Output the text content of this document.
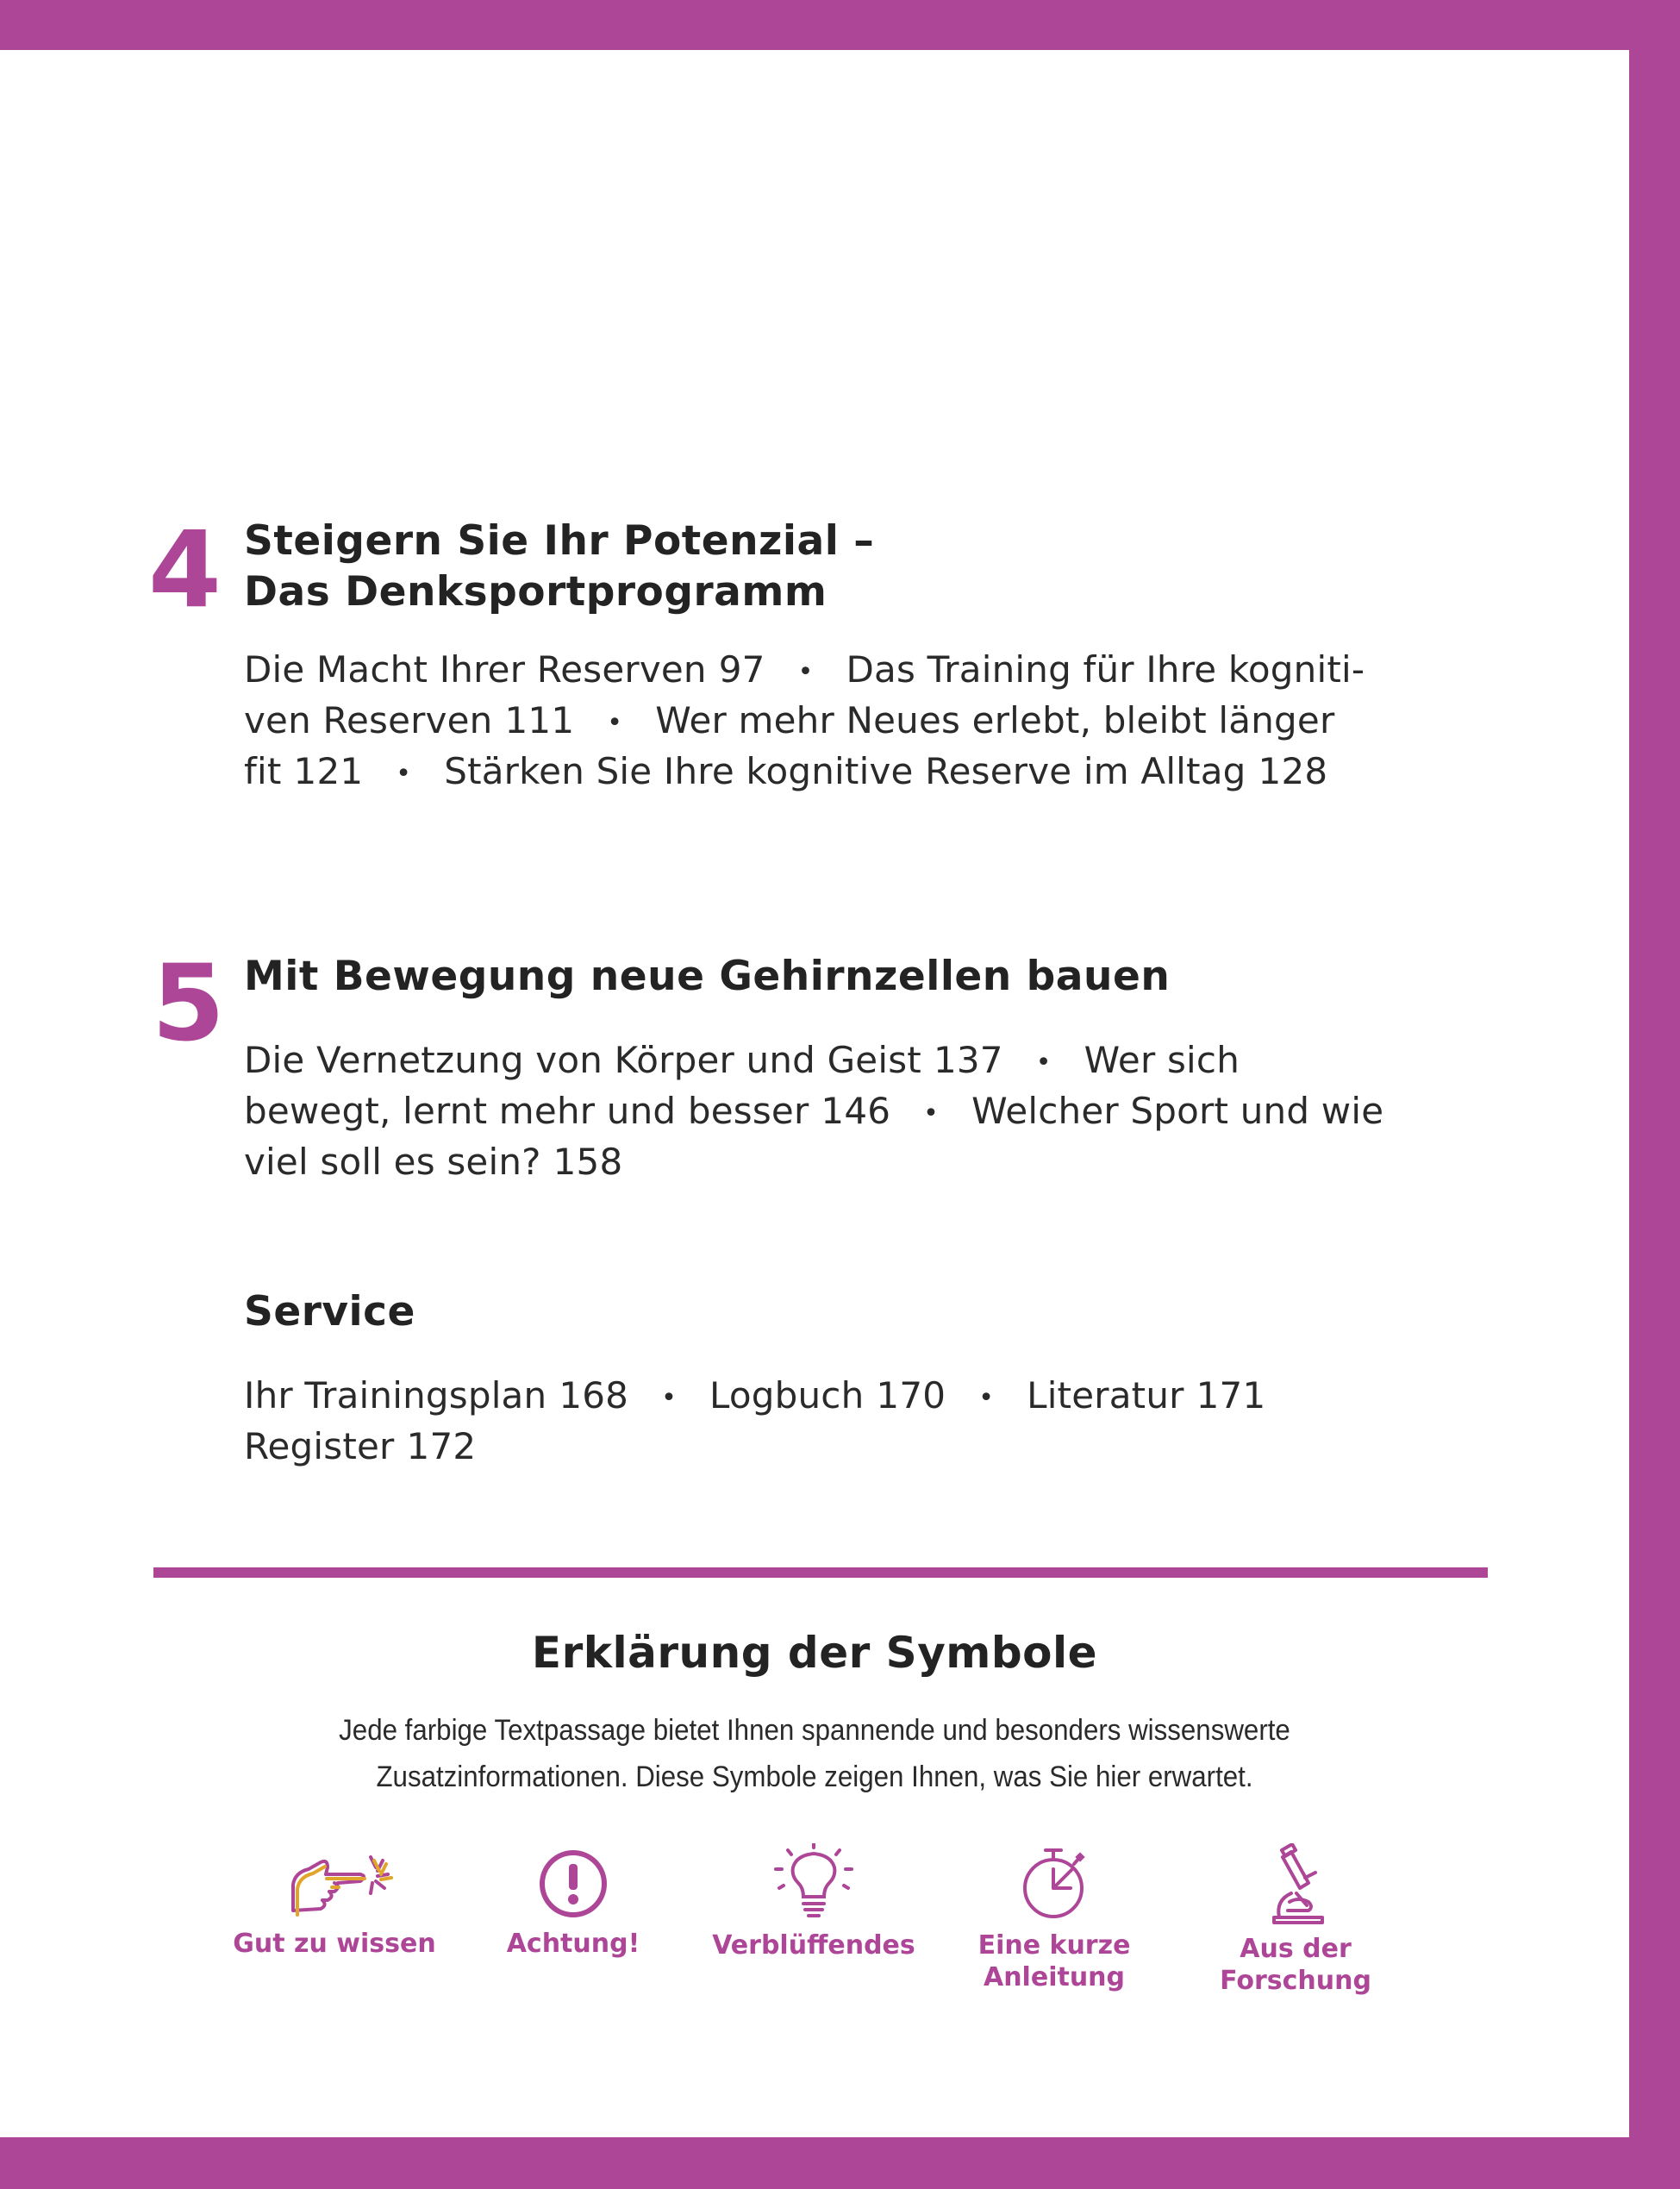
4 Steigern Sie Ihr Potenzial –
Das Denksportprogramm
Die Macht Ihrer Reserven 97 • Das Training für Ihre kogniti-
ven Reserven 111 • Wer mehr Neues erlebt, bleibt länger
fit 121 • Stärken Sie Ihre kognitive Reserve im Alltag 128
5 Mit Bewegung neue Gehirnzellen bauen
Die Vernetzung von Körper und Geist 137 • Wer sich
bewegt, lernt mehr und besser 146 • Welcher Sport und wie
viel soll es sein? 158
Service
Ihr Trainingsplan 168 • Logbuch 170 • Literatur 171
Register 172
Erklärung der Symbole

Jede farbige Textpassage bietet Ihnen spannende und besonders wissenswerte
Zusatzinformationen. Diese Symbole zeigen Ihnen, was Sie hier erwartet.

Gut zu wissen	Achtung!	Verblüffendes	Eine kurze
Anleitung
Aus der
Forschung
